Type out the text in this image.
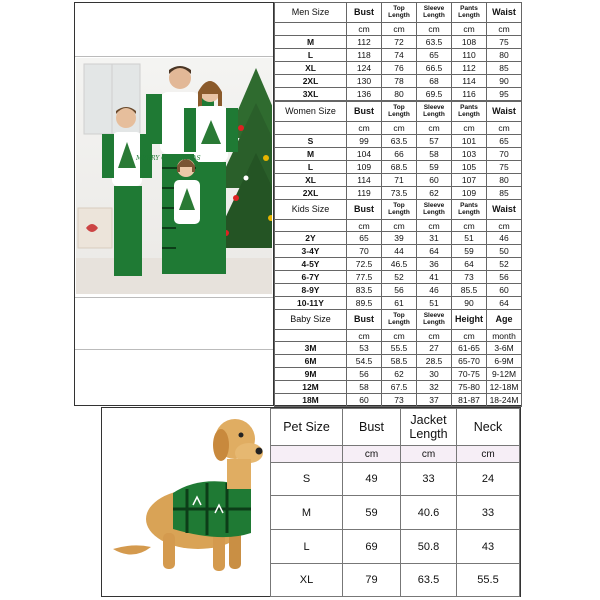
MERRY CHRISTMAS
Men Size	Bust	Top Length	Sleeve Length	Pants Length	Waist
	cm	cm	cm	cm	cm
M	112	72	63.5	108	75
L	118	74	65	110	80
XL	124	76	66.5	112	85
2XL	130	78	68	114	90
3XL	136	80	69.5	116	95
Women Size	Bust	Top Length	Sleeve Length	Pants Length	Waist
	cm	cm	cm	cm	cm
S	99	63.5	57	101	65
M	104	66	58	103	70
L	109	68.5	59	105	75
XL	114	71	60	107	80
2XL	119	73.5	62	109	85
Kids Size	Bust	Top Length	Sleeve Length	Pants Length	Waist
	cm	cm	cm	cm	cm
2Y	65	39	31	51	46
3-4Y	70	44	64	59	50
4-5Y	72.5	46.5	36	64	52
6-7Y	77.5	52	41	73	56
8-9Y	83.5	56	46	85.5	60
10-11Y	89.5	61	51	90	64
Baby Size	Bust	Top Length	Sleeve Length	Height	Age
	cm	cm	cm	cm	month
3M	53	55.5	27	61-65	3-6M
6M	54.5	58.5	28.5	65-70	6-9M
9M	56	62	30	70-75	9-12M
12M	58	67.5	32	75-80	12-18M
18M	60	73	37	81-87	18-24M
Pet Size	Bust	Jacket Length	Neck
	cm	cm	cm
S	49	33	24
M	59	40.6	33
L	69	50.8	43
XL	79	63.5	55.5
